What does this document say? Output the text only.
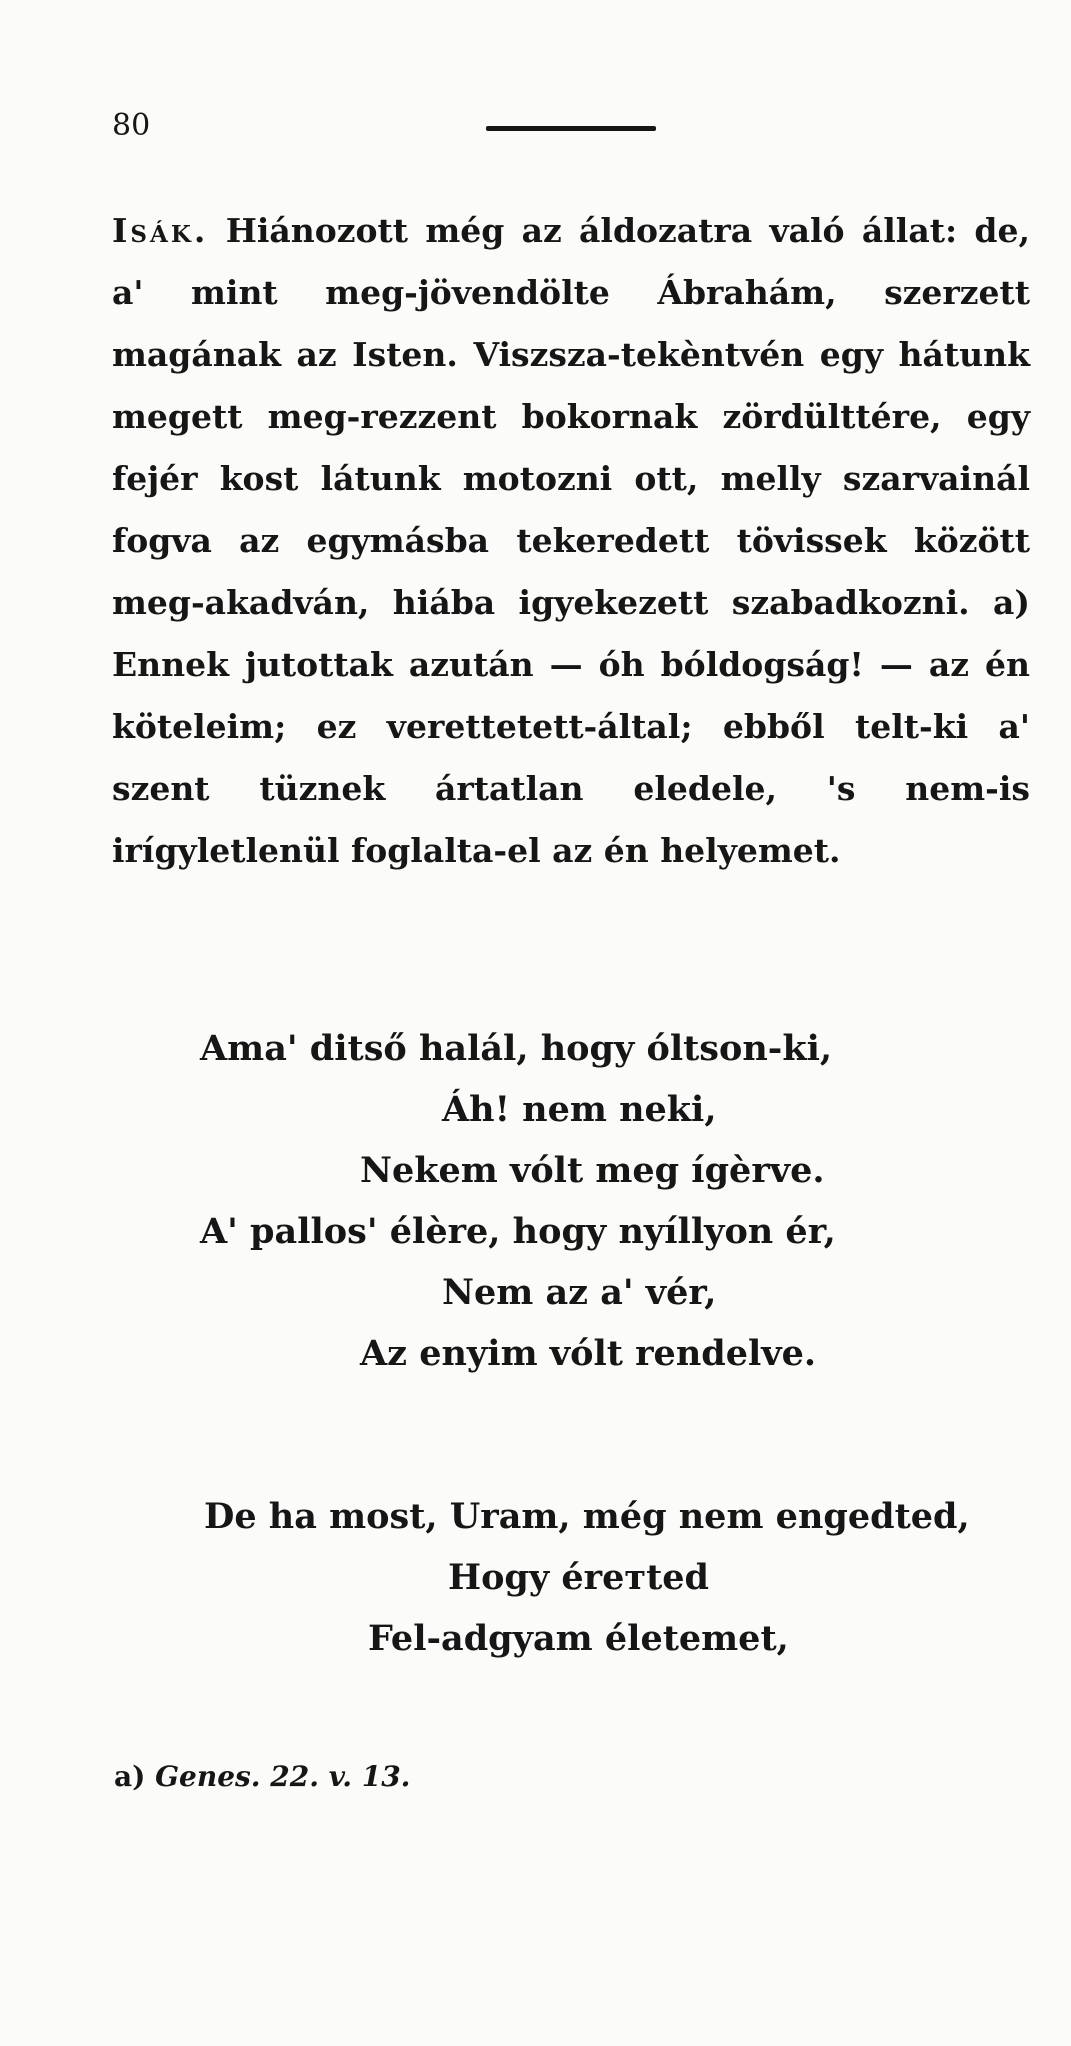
80

Isák. Hiánozott még az áldozatra való állat: de, a' mint meg-jövendölte Ábrahám, szerzett magának az Isten. Viszsza-tekèntvén egy hátunk megett meg-rezzent bokornak zördülttére, egy fejér kost látunk motozni ott, melly szarvainál fogva az egymásba tekeredett tövissek között meg-akadván, hiába igyekezett szabadkozni. a) Ennek jutottak azután — óh bóldogság! — az én köteleim; ez verettetett-által; ebből telt-ki a' szent tüznek ártatlan eledele, 's nem-is irígyletlenül foglalta-el az én helyemet.

Ama' ditső halál, hogy óltson-ki,
Áh! nem neki,
Nekem vólt meg ígèrve.
A' pallos' élère, hogy nyíllyon ér,
Nem az a' vér,
Az enyim vólt rendelve.
De ha most, Uram, még nem engedted,
Hogy érетted
Fel-adgyam életemet,

a) Genes. 22. v. 13.
